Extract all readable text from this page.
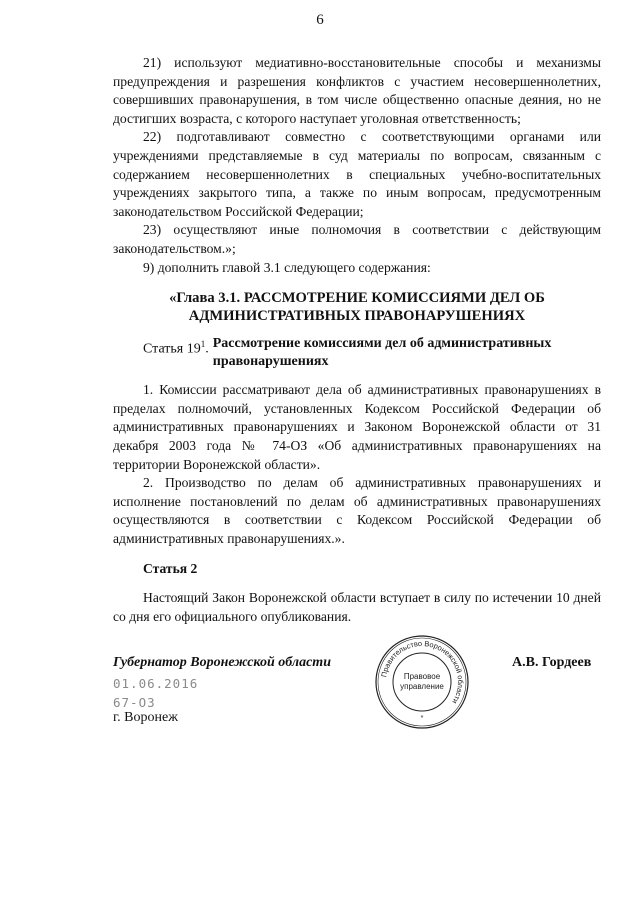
6

21) используют медиативно-восстановительные способы и механизмы предупреждения и разрешения конфликтов с участием несовершеннолетних, совершивших правонарушения, в том числе общественно опасные деяния, но не достигших возраста, с которого наступает уголовная ответственность;

22) подготавливают совместно с соответствующими органами или учреждениями представляемые в суд материалы по вопросам, связанным с содержанием несовершеннолетних в специальных учебно-воспитательных учреждениях закрытого типа, а также по иным вопросам, предусмотренным законодательством Российской Федерации;

23) осуществляют иные полномочия в соответствии с действующим законодательством.»;

9) дополнить главой 3.1 следующего содержания:

«Глава 3.1. РАССМОТРЕНИЕ КОМИССИЯМИ ДЕЛ ОБ
АДМИНИСТРАТИВНЫХ ПРАВОНАРУШЕНИЯХ
Статья $19^1$. Рассмотрение комиссиями дел об административных правонарушениях

1. Комиссии рассматривают дела об административных правонарушениях в пределах полномочий, установленных Кодексом Российской Федерации об административных правонарушениях и Законом Воронежской области от 31 декабря 2003 года № 74-ОЗ «Об административных правонарушениях на территории Воронежской области».

2. Производство по делам об административных правонарушениях и исполнение постановлений по делам об административных правонарушениях осуществляются в соответствии с Кодексом Российской Федерации об административных правонарушениях.».

Статья 2

Настоящий Закон Воронежской области вступает в силу по истечении 10 дней со дня его официального опубликования.

Губернатор Воронежской области
Правительство Воронежской области
Правовое
управление
*
А.В. Гордеев
01.06.2016
67-ОЗ
г. Воронеж
